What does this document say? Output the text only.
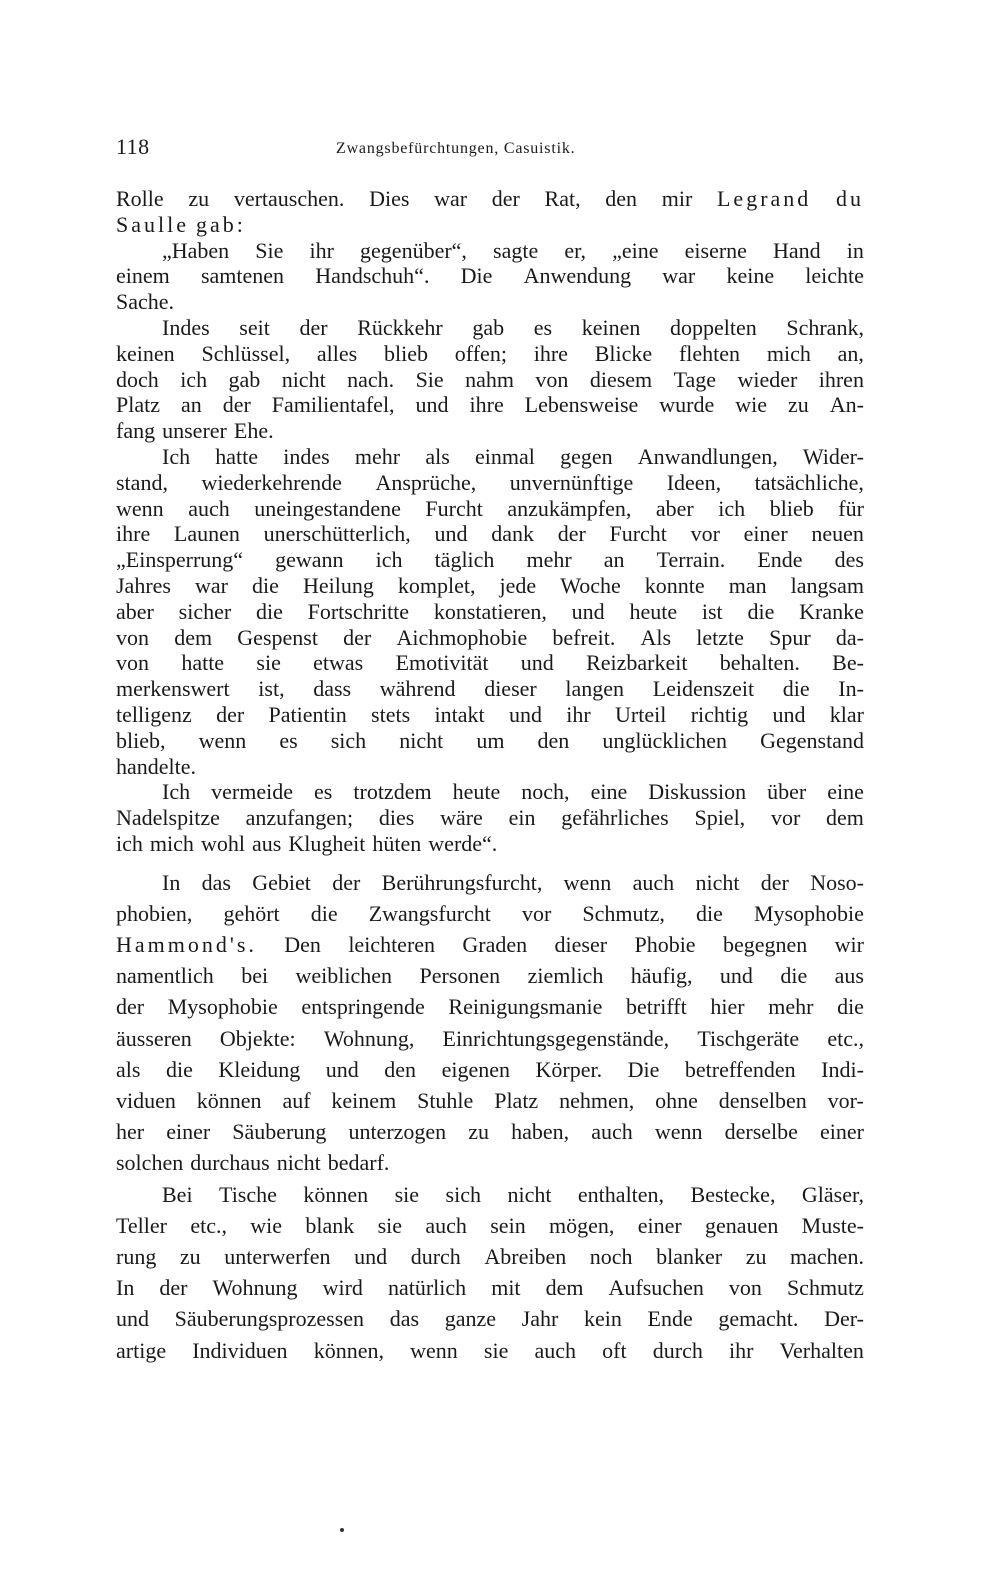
118	Zwangsbefürchtungen, Casuistik.
Rolle zu vertauschen. Dies war der Rat, den mir Legrand du
Saulle gab:
„Haben Sie ihr gegenüber“, sagte er, „eine eiserne Hand in
einem samtenen Handschuh“. Die Anwendung war keine leichte
Sache.
Indes seit der Rückkehr gab es keinen doppelten Schrank,
keinen Schlüssel, alles blieb offen; ihre Blicke flehten mich an,
doch ich gab nicht nach. Sie nahm von diesem Tage wieder ihren
Platz an der Familientafel, und ihre Lebensweise wurde wie zu An-
fang unserer Ehe.
Ich hatte indes mehr als einmal gegen Anwandlungen, Wider-
stand, wiederkehrende Ansprüche, unvernünftige Ideen, tatsächliche,
wenn auch uneingestandene Furcht anzukämpfen, aber ich blieb für
ihre Launen unerschütterlich, und dank der Furcht vor einer neuen
„Einsperrung“ gewann ich täglich mehr an Terrain. Ende des
Jahres war die Heilung komplet, jede Woche konnte man langsam
aber sicher die Fortschritte konstatieren, und heute ist die Kranke
von dem Gespenst der Aichmophobie befreit. Als letzte Spur da-
von hatte sie etwas Emotivität und Reizbarkeit behalten. Be-
merkenswert ist, dass während dieser langen Leidenszeit die In-
telligenz der Patientin stets intakt und ihr Urteil richtig und klar
blieb, wenn es sich nicht um den unglücklichen Gegenstand
handelte.
Ich vermeide es trotzdem heute noch, eine Diskussion über eine
Nadelspitze anzufangen; dies wäre ein gefährliches Spiel, vor dem
ich mich wohl aus Klugheit hüten werde“.
In das Gebiet der Berührungsfurcht, wenn auch nicht der Noso-
phobien, gehört die Zwangsfurcht vor Schmutz, die Mysophobie
Hammond's. Den leichteren Graden dieser Phobie begegnen wir
namentlich bei weiblichen Personen ziemlich häufig, und die aus
der Mysophobie entspringende Reinigungsmanie betrifft hier mehr die
äusseren Objekte: Wohnung, Einrichtungsgegenstände, Tischgeräte etc.,
als die Kleidung und den eigenen Körper. Die betreffenden Indi-
viduen können auf keinem Stuhle Platz nehmen, ohne denselben vor-
her einer Säuberung unterzogen zu haben, auch wenn derselbe einer
solchen durchaus nicht bedarf.
Bei Tische können sie sich nicht enthalten, Bestecke, Gläser,
Teller etc., wie blank sie auch sein mögen, einer genauen Muste-
rung zu unterwerfen und durch Abreiben noch blanker zu machen.
In der Wohnung wird natürlich mit dem Aufsuchen von Schmutz
und Säuberungsprozessen das ganze Jahr kein Ende gemacht. Der-
artige Individuen können, wenn sie auch oft durch ihr Verhalten
